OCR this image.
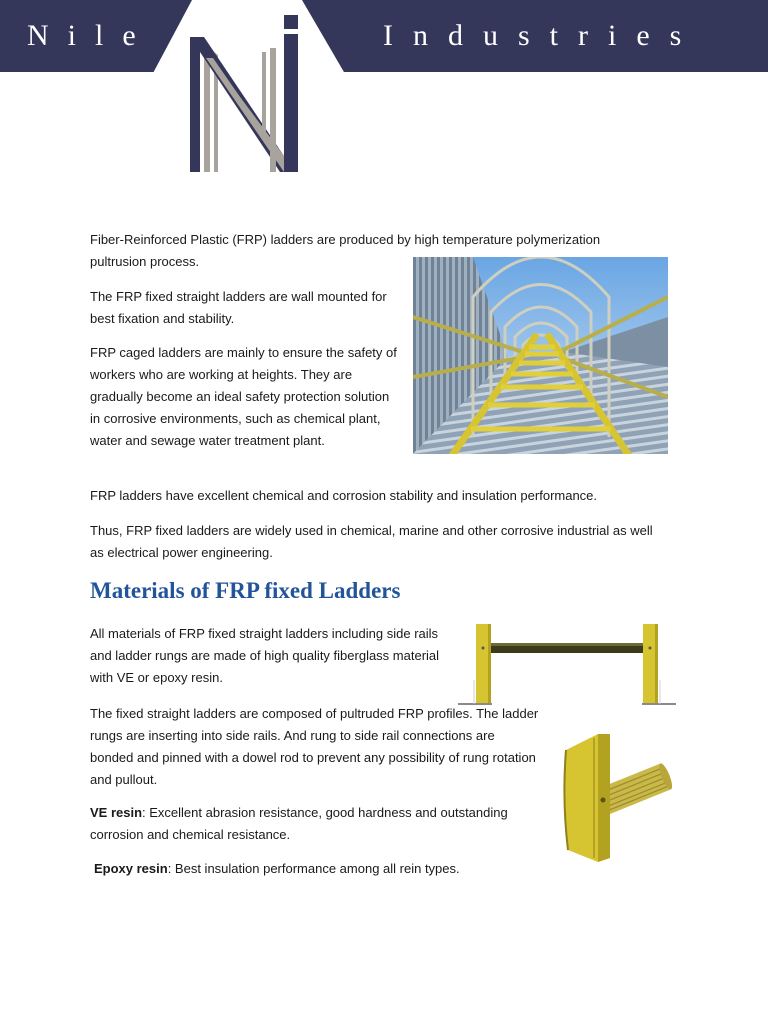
Nile	Industries

Fiber-Reinforced Plastic (FRP) ladders are produced by high temperature polymerization pultrusion process.

The FRP fixed straight ladders are wall mounted for best fixation and stability.

FRP caged ladders are mainly to ensure the safety of workers who are working at heights. They are gradually become an ideal safety protection solution in corrosive environments, such as chemical plant, water and sewage water treatment plant.

FRP ladders have excellent chemical and corrosion stability and insulation performance.

Thus, FRP fixed ladders are widely used in chemical, marine and other corrosive industrial as well as electrical power engineering.

Materials of FRP fixed Ladders

All materials of FRP fixed straight ladders including side rails and ladder rungs are made of high quality fiberglass material with VE or epoxy resin.

The fixed straight ladders are composed of pultruded FRP profiles. The ladder rungs are inserting into side rails. And rung to side rail connections are bonded and pinned with a dowel rod to prevent any possibility of rung rotation and pullout.

VE resin: Excellent abrasion resistance, good hardness and outstanding corrosion and chemical resistance.

Epoxy resin: Best insulation performance among all rein types.
